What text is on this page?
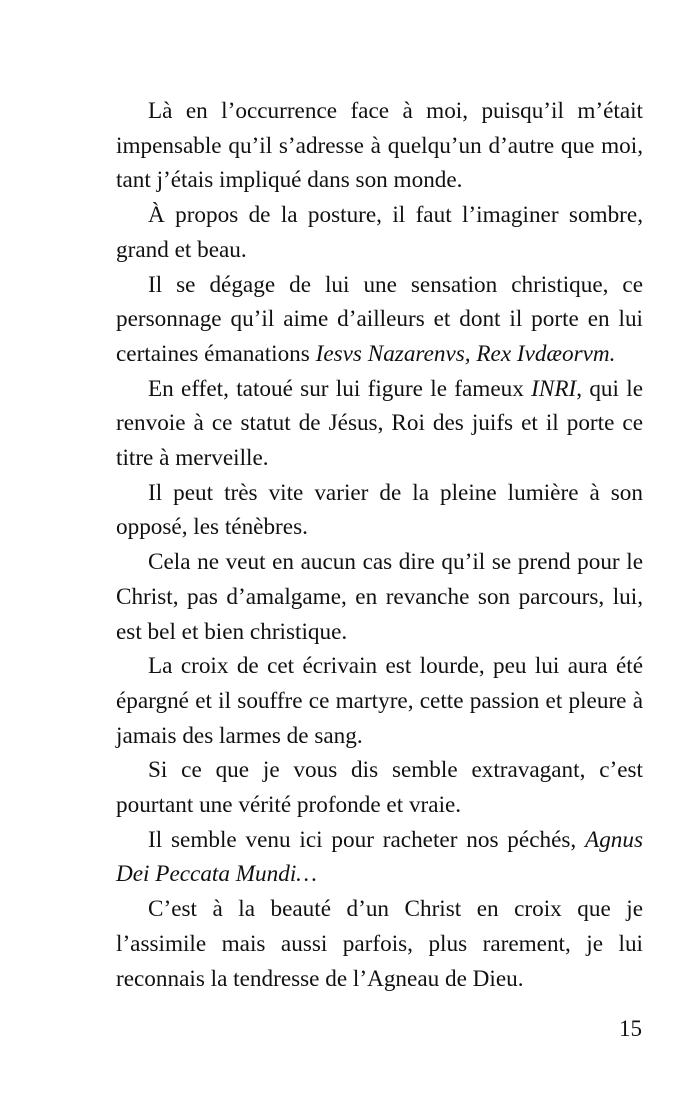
Là en l’occurrence face à moi, puisqu’il m’était impensable qu’il s’adresse à quelqu’un d’autre que moi, tant j’étais impliqué dans son monde.

À propos de la posture, il faut l’imaginer sombre, grand et beau.

Il se dégage de lui une sensation christique, ce personnage qu’il aime d’ailleurs et dont il porte en lui certaines émanations Iesvs Nazarenvs, Rex Ivdæorvm.

En effet, tatoué sur lui figure le fameux INRI, qui le renvoie à ce statut de Jésus, Roi des juifs et il porte ce titre à merveille.

Il peut très vite varier de la pleine lumière à son opposé, les ténèbres.

Cela ne veut en aucun cas dire qu’il se prend pour le Christ, pas d’amalgame, en revanche son parcours, lui, est bel et bien christique.

La croix de cet écrivain est lourde, peu lui aura été épargné et il souffre ce martyre, cette passion et pleure à jamais des larmes de sang.

Si ce que je vous dis semble extravagant, c’est pourtant une vérité profonde et vraie.

Il semble venu ici pour racheter nos péchés, Agnus Dei Peccata Mundi…

C’est à la beauté d’un Christ en croix que je l’assimile mais aussi parfois, plus rarement, je lui reconnais la tendresse de l’Agneau de Dieu.

15
